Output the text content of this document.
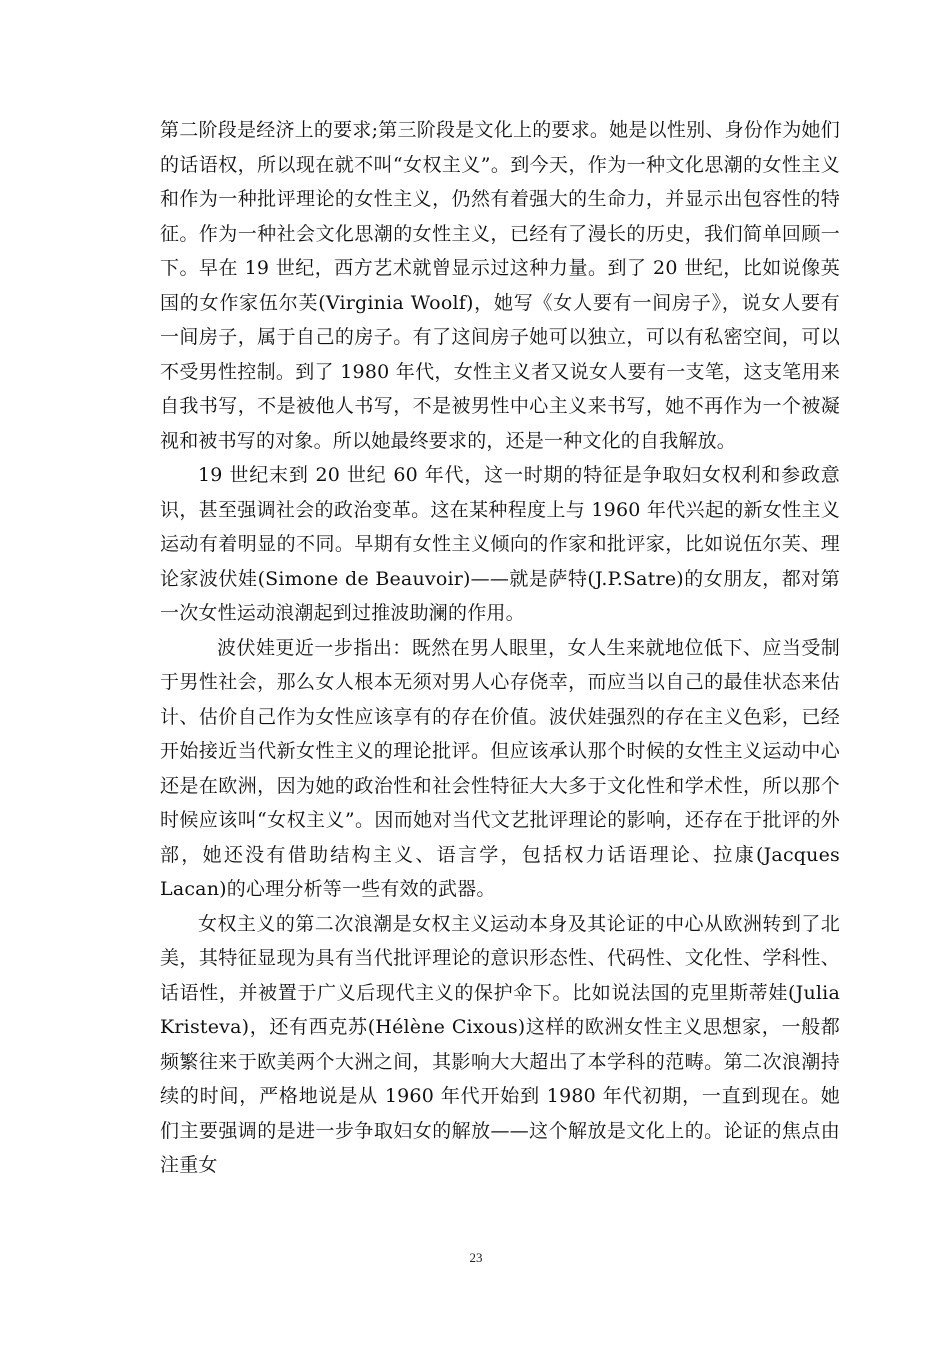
第二阶段是经济上的要求;第三阶段是文化上的要求。她是以性别、身份作为她们的话语权，所以现在就不叫“女权主义”。到今天，作为一种文化思潮的女性主义和作为一种批评理论的女性主义，仍然有着强大的生命力，并显示出包容性的特征。作为一种社会文化思潮的女性主义，已经有了漫长的历史，我们简单回顾一下。早在 19 世纪，西方艺术就曾显示过这种力量。到了 20 世纪，比如说像英国的女作家伍尔芙(Virginia Woolf)，她写《女人要有一间房子》，说女人要有一间房子，属于自己的房子。有了这间房子她可以独立，可以有私密空间，可以不受男性控制。到了 1980 年代，女性主义者又说女人要有一支笔，这支笔用来自我书写，不是被他人书写，不是被男性中心主义来书写，她不再作为一个被凝视和被书写的对象。所以她最终要求的，还是一种文化的自我解放。

19 世纪末到 20 世纪 60 年代，这一时期的特征是争取妇女权利和参政意识，甚至强调社会的政治变革。这在某种程度上与 1960 年代兴起的新女性主义运动有着明显的不同。早期有女性主义倾向的作家和批评家，比如说伍尔芙、理论家波伏娃(Simone de Beauvoir)——就是萨特(J.P.Satre)的女朋友，都对第一次女性运动浪潮起到过推波助澜的作用。

波伏娃更近一步指出：既然在男人眼里，女人生来就地位低下、应当受制于男性社会，那么女人根本无须对男人心存侥幸，而应当以自己的最佳状态来估计、估价自己作为女性应该享有的存在价值。波伏娃强烈的存在主义色彩，已经开始接近当代新女性主义的理论批评。但应该承认那个时候的女性主义运动中心还是在欧洲，因为她的政治性和社会性特征大大多于文化性和学术性，所以那个时候应该叫“女权主义”。因而她对当代文艺批评理论的影响，还存在于批评的外部，她还没有借助结构主义、语言学，包括权力话语理论、拉康(Jacques Lacan)的心理分析等一些有效的武器。

女权主义的第二次浪潮是女权主义运动本身及其论证的中心从欧洲转到了北美，其特征显现为具有当代批评理论的意识形态性、代码性、文化性、学科性、话语性，并被置于广义后现代主义的保护伞下。比如说法国的克里斯蒂娃(Julia Kristeva)，还有西克苏(Hélène Cixous)这样的欧洲女性主义思想家，一般都频繁往来于欧美两个大洲之间，其影响大大超出了本学科的范畴。第二次浪潮持续的时间，严格地说是从 1960 年代开始到 1980 年代初期，一直到现在。她们主要强调的是进一步争取妇女的解放——这个解放是文化上的。论证的焦点由注重女

23
